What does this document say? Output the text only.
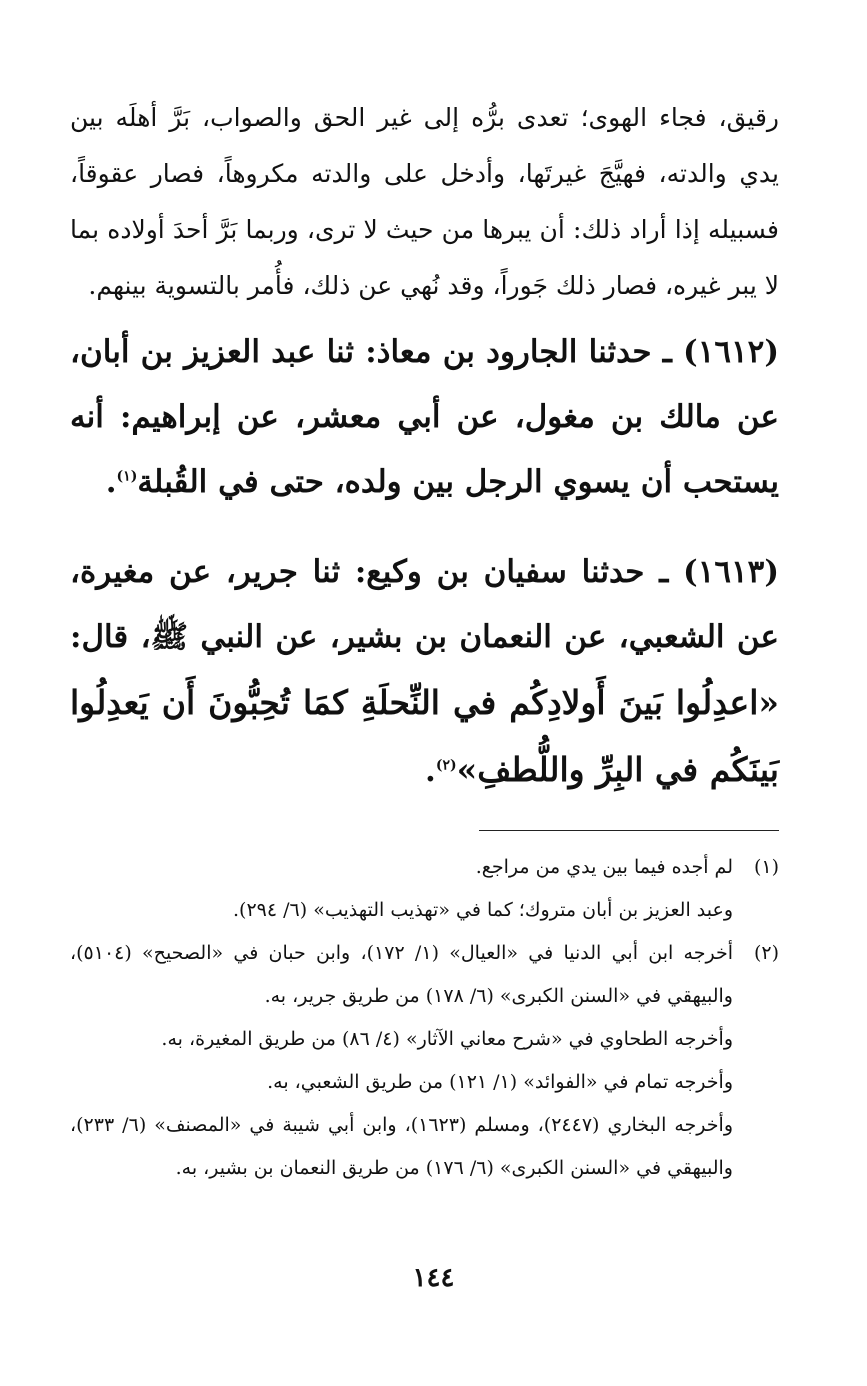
رقيق، فجاء الهوى؛ تعدى برُّه إلى غير الحق والصواب، بَرَّ أهلَه بين يدي والدته، فهيَّجَ غيرتَها، وأدخل على والدته مكروهاً، فصار عقوقاً، فسبيله إذا أراد ذلك: أن يبرها من حيث لا ترى، وربما بَرَّ أحدَ أولاده بما لا يبر غيره، فصار ذلك جَوراً، وقد نُهي عن ذلك، فأُمر بالتسوية بينهم.

(١٦١٢) ـ حدثنا الجارود بن معاذ: ثنا عبد العزيز بن أبان، عن مالك بن مغول، عن أبي معشر، عن إبراهيم: أنه يستحب أن يسوي الرجل بين ولده، حتى في القُبلة$^{(١)}$.

(١٦١٣) ـ حدثنا سفيان بن وكيع: ثنا جرير، عن مغيرة، عن الشعبي، عن النعمان بن بشير، عن النبي ﷺ، قال: «اعدِلُوا بَينَ أَولادِكُم في النِّحلَةِ كمَا تُحِبُّونَ أَن يَعدِلُوا بَينَكُم في البِرِّ واللُّطفِ»$^{(٢)}$.

(١)
لم أجده فيما بين يدي من مراجع.
وعبد العزيز بن أبان متروك؛ كما في «تهذيب التهذيب» (٦/ ٢٩٤).
(٢)
أخرجه ابن أبي الدنيا في «العيال» (١/ ١٧٢)، وابن حبان في «الصحيح» (٥١٠٤)، والبيهقي في «السنن الكبرى» (٦/ ١٧٨) من طريق جرير، به.
وأخرجه الطحاوي في «شرح معاني الآثار» (٤/ ٨٦) من طريق المغيرة، به.
وأخرجه تمام في «الفوائد» (١/ ١٢١) من طريق الشعبي، به.
وأخرجه البخاري (٢٤٤٧)، ومسلم (١٦٢٣)، وابن أبي شيبة في «المصنف» (٦/ ٢٣٣)، والبيهقي في «السنن الكبرى» (٦/ ١٧٦) من طريق النعمان بن بشير، به.
١٤٤
